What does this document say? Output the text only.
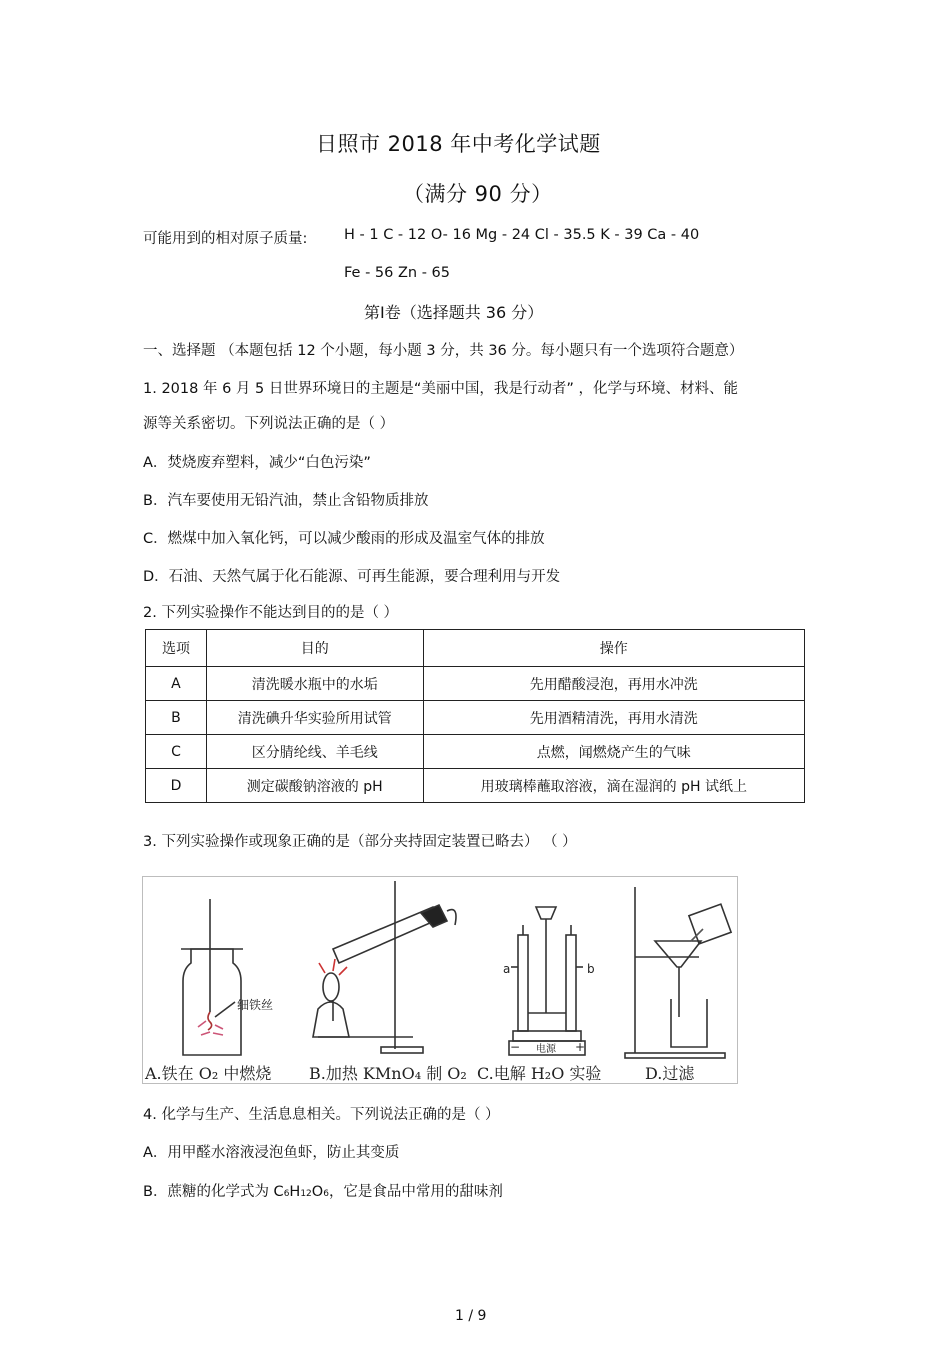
日照市 2018 年中考化学试题
（满分 90 分）
可能用到的相对原子质量:	H - 1 C - 12 O- 16 Mg - 24 Cl - 35.5 K - 39 Ca - 40
Fe - 56 Zn - 65
第Ⅰ卷（选择题共 36 分）
一、选择题 （本题包括 12 个小题，每小题 3 分，共 36 分。每小题只有一个选项符合题意）
1. 2018 年 6 月 5 日世界环境日的主题是“美丽中国，我是行动者” ，化学与环境、材料、能
源等关系密切。下列说法正确的是（ ）
A．焚烧废弃塑料，减少“白色污染”
B．汽车要使用无铅汽油，禁止含铅物质排放
C．燃煤中加入氧化钙，可以减少酸雨的形成及温室气体的排放
D．石油、天然气属于化石能源、可再生能源，要合理利用与开发
2. 下列实验操作不能达到目的的是（ ）
选项	目的	操作
A	清洗暖水瓶中的水垢	先用醋酸浸泡，再用水冲洗
B	清洗碘升华实验所用试管	先用酒精清洗，再用水清洗
C	区分腈纶线、羊毛线	点燃，闻燃烧产生的气味
D	测定碳酸钠溶液的 pH	用玻璃棒蘸取溶液，滴在湿润的 pH 试纸上
3. 下列实验操作或现象正确的是（部分夹持固定装置已略去） （ ）
细铁丝
a	b
电源
−	+
A.铁在 O₂ 中燃烧 B.加热 KMnO₄ 制 O₂ C.电解 H₂O 实验	D.过滤
4. 化学与生产、生活息息相关。下列说法正确的是（ ）
A．用甲醛水溶液浸泡鱼虾，防止其变质
B．蔗糖的化学式为 C6H12O6，它是食品中常用的甜味剂
1 / 9
